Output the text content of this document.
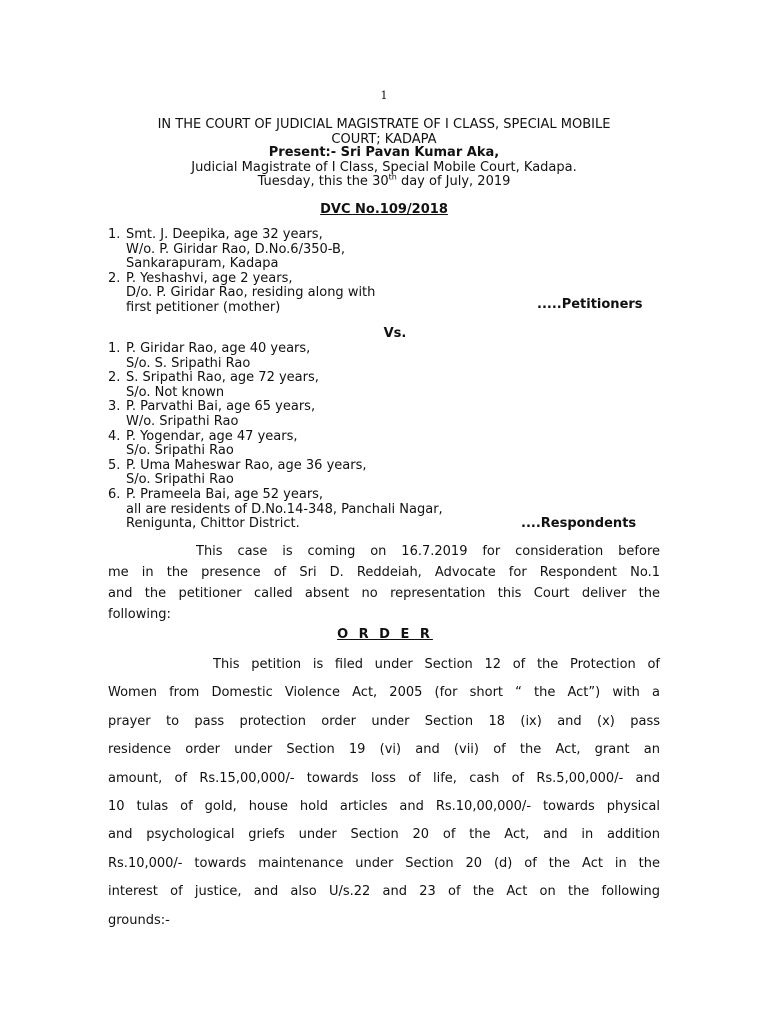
1
IN THE COURT OF JUDICIAL MAGISTRATE OF I CLASS, SPECIAL MOBILE
COURT; KADAPA
Present:- Sri Pavan Kumar Aka,
Judicial Magistrate of I Class, Special Mobile Court, Kadapa.
Tuesday, this the 30th day of July, 2019
DVC No.109/2018
1. Smt. J. Deepika, age 32 years,
W/o. P. Giridar Rao, D.No.6/350-B,
Sankarapuram, Kadapa
2. P. Yeshashvi, age 2 years,
D/o. P. Giridar Rao, residing along with
first petitioner (mother)	.....Petitioners
Vs.
1. P. Giridar Rao, age 40 years,
S/o. S. Sripathi Rao
2. S. Sripathi Rao, age 72 years,
S/o. Not known
3. P. Parvathi Bai, age 65 years,
W/o. Sripathi Rao
4. P. Yogendar, age 47 years,
S/o. Sripathi Rao
5. P. Uma Maheswar Rao, age 36 years,
S/o. Sripathi Rao
6. P. Prameela Bai, age 52 years,
all are residents of D.No.14-348, Panchali Nagar,
Renigunta, Chittor District.	....Respondents
This case is coming on 16.7.2019 for consideration before
me in the presence of Sri D. Reddeiah, Advocate for Respondent No.1
and the petitioner called absent no representation this Court deliver the
following:
O R D E R
This petition is filed under Section 12 of the Protection of
Women from Domestic Violence Act, 2005 (for short “ the Act”) with a
prayer to pass protection order under Section 18 (ix) and (x) pass
residence order under Section 19 (vi) and (vii) of the Act, grant an
amount, of Rs.15,00,000/- towards loss of life, cash of Rs.5,00,000/- and
10 tulas of gold, house hold articles and Rs.10,00,000/- towards physical
and psychological griefs under Section 20 of the Act, and in addition
Rs.10,000/- towards maintenance under Section 20 (d) of the Act in the
interest of justice, and also U/s.22 and 23 of the Act on the following
grounds:-
